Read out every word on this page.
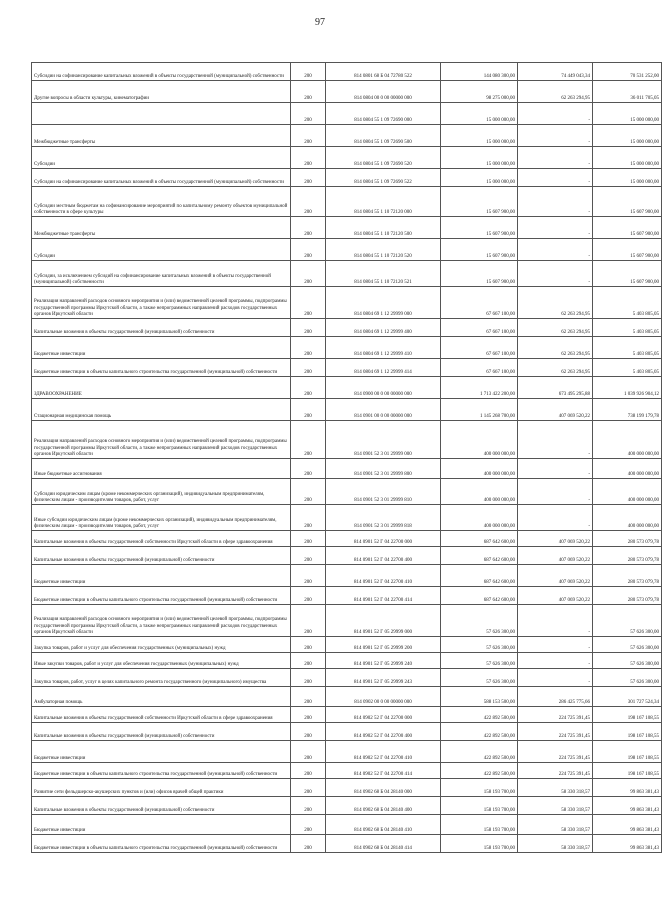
97
Субсидии на софинансирование капитальных вложений в объекты государственной (муниципальной) собственности	200	814 0801 68 Б 04 72780 522	144 080 300,00	74 449 043,34	70 531 252,00
Другие вопросы в области культуры, кинематографии	200	814 0804 00 0 00 00000 000	98 275 000,00	62 263 294,95	36 011 705,05
	200	814 0804 55 1 09 72690 000	15 000 000,00	-	15 000 000,00
Межбюджетные трансферты	200	814 0804 55 1 09 72690 500	15 000 000,00	-	15 000 000,00
Субсидии	200	814 0804 55 1 09 72690 520	15 000 000,00	-	15 000 000,00
Субсидии на софинансирование капитальных вложений в объекты государственной (муниципальной) собственности	200	814 0804 55 1 09 72690 522	15 000 000,00	-	15 000 000,00
Субсидии местным бюджетам на софинансирование мероприятий по капитальному ремонту объектов муниципальной собственности в сфере культуры	200	814 0804 55 1 10 72120 000	15 607 900,00	-	15 607 900,00
Межбюджетные трансферты	200	814 0804 55 1 10 72120 500	15 607 900,00	-	15 607 900,00
Субсидии	200	814 0804 55 1 10 72120 520	15 607 900,00	-	15 607 900,00
Субсидии, за исключением субсидий на софинансирование капитальных вложений в объекты государственной (муниципальной) собственности	200	814 0804 55 1 10 72120 521	15 607 900,00	-	15 607 900,00
Реализация направлений расходов основного мероприятия и (или) ведомственной целевой программы, подпрограммы государственной программы Иркутской области, а также непрограммных направлений расходов государственных органов Иркутской области	200	814 0804 69 1 12 29999 000	67 667 100,00	62 263 294,95	5 403 805,05
Капитальные вложения в объекты государственной (муниципальной) собственности	200	814 0804 69 1 12 29999 400	67 667 100,00	62 263 294,95	5 403 805,05
Бюджетные инвестиции	200	814 0804 69 1 12 29999 410	67 667 100,00	62 263 294,95	5 403 805,05
Бюджетные инвестиции в объекты капитального строительства государственной (муниципальной) собственности	200	814 0804 69 1 12 29999 414	67 667 100,00	62 263 294,95	5 403 805,05
ЗДРАВООХРАНЕНИЕ	200	814 0900 00 0 00 00000 000	1 713 422 200,00	673 495 295,88	1 039 926 904,12
Стационарная медицинская помощь	200	814 0901 00 0 00 00000 000	1 145 268 700,00	407 069 520,22	738 199 179,78
Реализация направлений расходов основного мероприятия и (или) ведомственной целевой программы, подпрограммы государственной программы Иркутской области, а также непрограммных направлений расходов государственных органов Иркутской области	200	814 0901 52 3 01 29999 000	400 000 000,00	-	400 000 000,00
Иные бюджетные ассигнования	200	814 0901 52 3 01 29999 800	400 000 000,00	-	400 000 000,00
Субсидии юридическим лицам (кроме некоммерческих организаций), индивидуальным предпринимателям, физическим лицам - производителям товаров, работ, услуг	200	814 0901 52 3 01 29999 810	400 000 000,00	-	400 000 000,00
Иные субсидии юридическим лицам (кроме некоммерческих организаций), индивидуальным предпринимателям, физическим лицам - производителям товаров, работ, услуг	200	814 0901 52 3 01 29999 818	400 000 000,00	-	400 000 000,00
Капитальные вложения в объекты государственной собственности Иркутской области в сфере здравоохранения	200	814 0901 52 Г 04 22700 000	687 642 600,00	407 069 520,22	280 573 079,78
Капитальные вложения в объекты государственной (муниципальной) собственности	200	814 0901 52 Г 04 22700 400	687 642 600,00	407 069 520,22	280 573 079,78
Бюджетные инвестиции	200	814 0901 52 Г 04 22700 410	687 642 600,00	407 069 520,22	280 573 079,78
Бюджетные инвестиции в объекты капитального строительства государственной (муниципальной) собственности	200	814 0901 52 Г 04 22700 414	687 642 600,00	407 069 520,22	280 573 079,78
Реализация направлений расходов основного мероприятия и (или) ведомственной целевой программы, подпрограммы государственной программы Иркутской области, а также непрограммных направлений расходов государственных органов Иркутской области	200	814 0901 52 Г 05 29999 000	57 626 300,00	-	57 626 300,00
Закупка товаров, работ и услуг для обеспечения государственных (муниципальных) нужд	200	814 0901 52 Г 05 29999 200	57 626 300,00	-	57 626 300,00
Иные закупки товаров, работ и услуг для обеспечения государственных (муниципальных) нужд	200	814 0901 52 Г 05 29999 240	57 626 300,00	-	57 626 300,00
Закупка товаров, работ, услуг в целях капитального ремонта государственного (муниципального) имущества	200	814 0901 52 Г 05 29999 243	57 626 300,00	-	57 626 300,00
Амбулаторная помощь	200	814 0902 00 0 00 00000 000	588 153 500,00	286 425 775,66	301 727 524,34
Капитальные вложения в объекты государственной собственности Иркутской области в сфере здравоохранения	200	814 0902 52 Г 04 22700 000	422 892 500,00	224 725 391,45	198 167 108,55
Капитальные вложения в объекты государственной (муниципальной) собственности	200	814 0902 52 Г 04 22700 400	422 892 500,00	224 725 391,45	198 167 108,55
Бюджетные инвестиции	200	814 0902 52 Г 04 22700 410	422 892 500,00	224 725 391,45	198 167 108,55
Бюджетные инвестиции в объекты капитального строительства государственной (муниципальной) собственности	200	814 0902 52 Г 04 22700 414	422 892 500,00	224 725 391,45	198 167 108,55
Развитие сети фельдшерско-акушерских пунктов и (или) офисов врачей общей практики	200	814 0902 68 Б 04 28140 000	158 193 700,00	58 330 318,57	99 863 381,43
Капитальные вложения в объекты государственной (муниципальной) собственности	200	814 0902 68 Б 04 28140 400	158 193 700,00	58 330 318,57	99 863 381,43
Бюджетные инвестиции	200	814 0902 68 Б 04 28140 410	158 193 700,00	58 330 318,57	99 863 381,43
Бюджетные инвестиции в объекты капитального строительства государственной (муниципальной) собственности	200	814 0902 68 Б 04 28140 414	158 193 700,00	58 330 318,57	99 863 381,43
